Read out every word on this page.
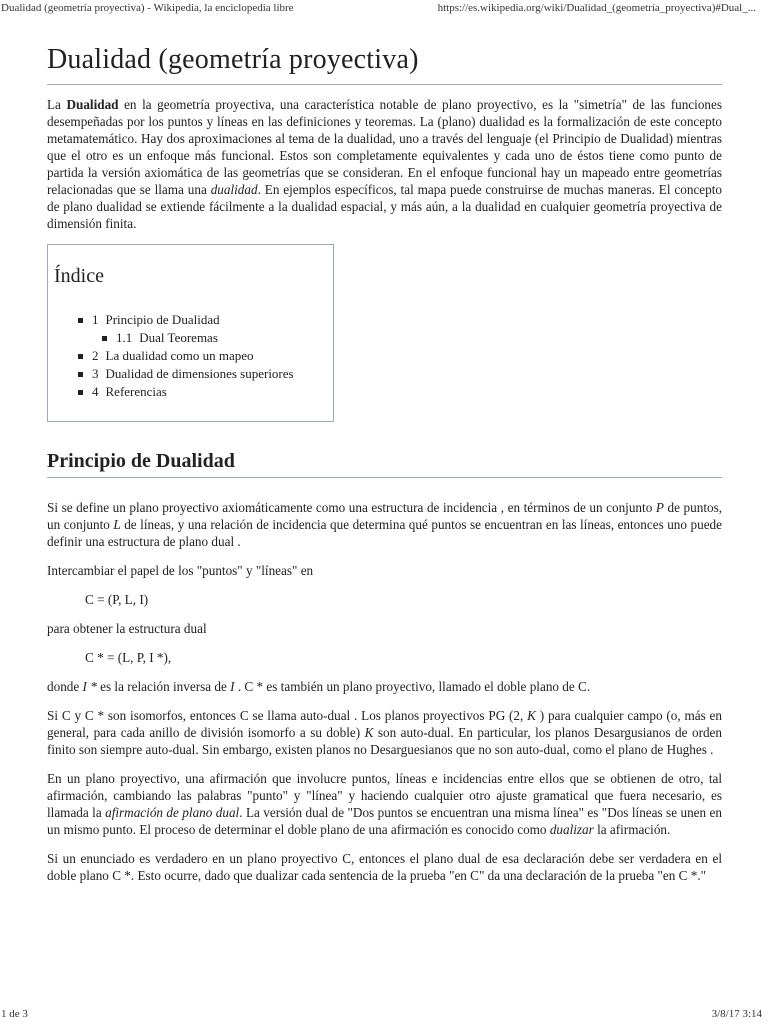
Dualidad (geometría proyectiva) - Wikipedia, la enciclopedia libre	https://es.wikipedia.org/wiki/Dualidad_(geometría_proyectiva)#Dual_...
Dualidad (geometría proyectiva)

La Dualidad en la geometría proyectiva, una característica notable de plano proyectivo, es la "simetría" de las funciones desempeñadas por los puntos y líneas en las definiciones y teoremas. La (plano) dualidad es la formalización de este concepto metamatemático. Hay dos aproximaciones al tema de la dualidad, uno a través del lenguaje (el Principio de Dualidad) mientras que el otro es un enfoque más funcional. Estos son completamente equivalentes y cada uno de éstos tiene como punto de partida la versión axiomática de las geometrías que se consideran. En el enfoque funcional hay un mapeado entre geometrías relacionadas que se llama una dualidad. En ejemplos específicos, tal mapa puede construirse de muchas maneras. El concepto de plano dualidad se extiende fácilmente a la dualidad espacial, y más aún, a la dualidad en cualquier geometría proyectiva de dimensión finita.

Índice
1 Principio de Dualidad
1.1 Dual Teoremas
2 La dualidad como un mapeo
3 Dualidad de dimensiones superiores
4 Referencias
Principio de Dualidad

Si se define un plano proyectivo axiomáticamente como una estructura de incidencia , en términos de un conjunto P de puntos, un conjunto L de líneas, y una relación de incidencia que determina qué puntos se encuentran en las líneas, entonces uno puede definir una estructura de plano dual .

Intercambiar el papel de los "puntos" y "líneas" en

C = (P, L, I)

para obtener la estructura dual

C * = (L, P, I *),

donde I * es la relación inversa de I . C * es también un plano proyectivo, llamado el doble plano de C.

Si C y C * son isomorfos, entonces C se llama auto-dual . Los planos proyectivos PG (2, K ) para cualquier campo (o, más en general, para cada anillo de división isomorfo a su doble) K son auto-dual. En particular, los planos Desargusianos de orden finito son siempre auto-dual. Sin embargo, existen planos no Desarguesianos que no son auto-dual, como el plano de Hughes .

En un plano proyectivo, una afirmación que involucre puntos, líneas e incidencias entre ellos que se obtienen de otro, tal afirmación, cambiando las palabras "punto" y "línea" y haciendo cualquier otro ajuste gramatical que fuera necesario, es llamada la afirmación de plano dual. La versión dual de "Dos puntos se encuentran una misma línea" es "Dos líneas se unen en un mismo punto. El proceso de determinar el doble plano de una afirmación es conocido como dualizar la afirmación.

Si un enunciado es verdadero en un plano proyectivo C, entonces el plano dual de esa declaración debe ser verdadera en el doble plano C *. Esto ocurre, dado que dualizar cada sentencia de la prueba "en C" da una declaración de la prueba "en C *."

1 de 3	3/8/17 3:14
